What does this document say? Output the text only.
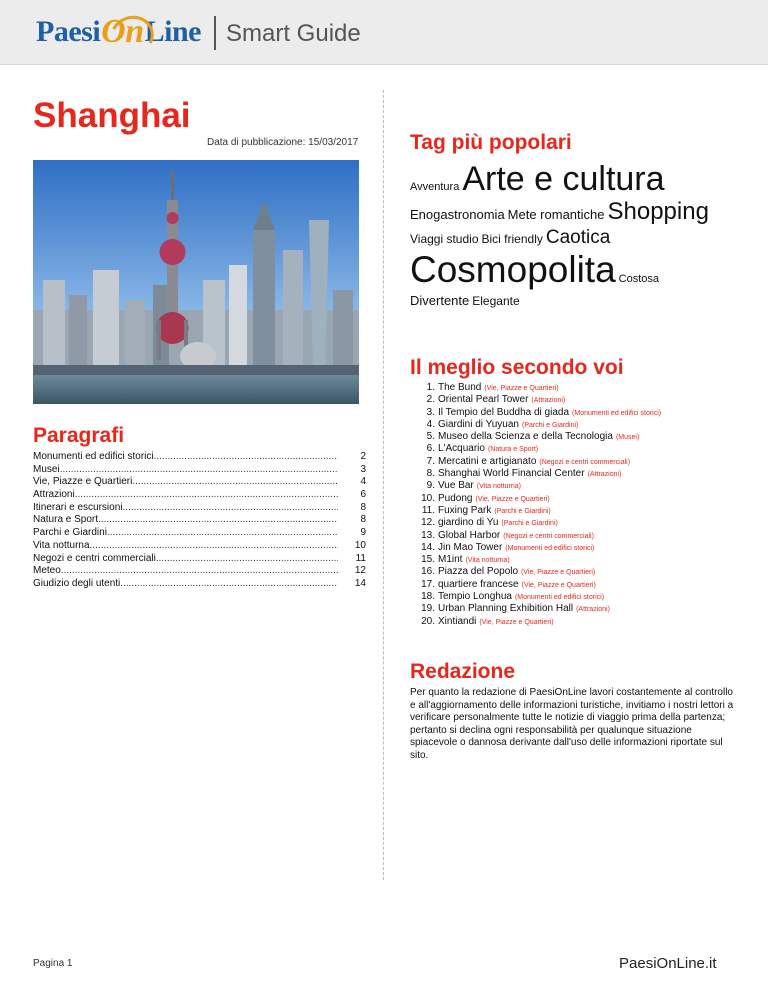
Paesi On Line Smart Guide
Shanghai
Data di pubblicazione: 15/03/2017
Paragrafi
Monumenti ed edifici storici .....	2
Musei .....	3
Vie, Piazze e Quartieri .....	4
Attrazioni .....	6
Itinerari e escursioni .....	8
Natura e Sport .....	8
Parchi e Giardini .....	9
Vita notturna .....	10
Negozi e centri commerciali .....	11
Meteo .....	12
Giudizio degli utenti .....	14
Tag più popolari
AvventuraArte e cultura
Enogastronomia Mete romantiche Shopping
Viaggi studio Bici friendly Caotica
Cosmopolita Costosa
Divertente Elegante
Il meglio secondo voi
1. The Bund (Vie, Piazze e Quartieri)
2. Oriental Pearl Tower (Attrazioni)
3. Il Tempio del Buddha di giada (Monumenti ed edifici storici)
4. Giardini di Yuyuan (Parchi e Giardini)
5. Museo della Scienza e della Tecnologia (Musei)
6. L'Acquario (Natura e Sport)
7. Mercatini e artigianato (Negozi e centri commerciali)
8. Shanghai World Financial Center (Attrazioni)
9. Vue Bar (Vita notturna)
10. Pudong (Vie, Piazze e Quartieri)
11. Fuxing Park (Parchi e Giardini)
12. giardino di Yu (Parchi e Giardini)
13. Global Harbor (Negozi e centri commerciali)
14. Jin Mao Tower (Monumenti ed edifici storici)
15. M1int (Vita notturna)
16. Piazza del Popolo (Vie, Piazze e Quartieri)
17. quartiere francese (Vie, Piazze e Quartieri)
18. Tempio Longhua (Monumenti ed edifici storici)
19. Urban Planning Exhibition Hall (Attrazioni)
20. Xintiandi (Vie, Piazze e Quartieri)
Redazione
Per quanto la redazione di PaesiOnLine lavori costantemente al controllo e all'aggiornamento delle informazioni turistiche, invitiamo i nostri lettori a verificare personalmente tutte le notizie di viaggio prima della partenza; pertanto si declina ogni responsabilità per qualunque situazione spiacevole o dannosa derivante dall'uso delle informazioni riportate sul sito.
Pagina 1	PaesiOnLine.it
